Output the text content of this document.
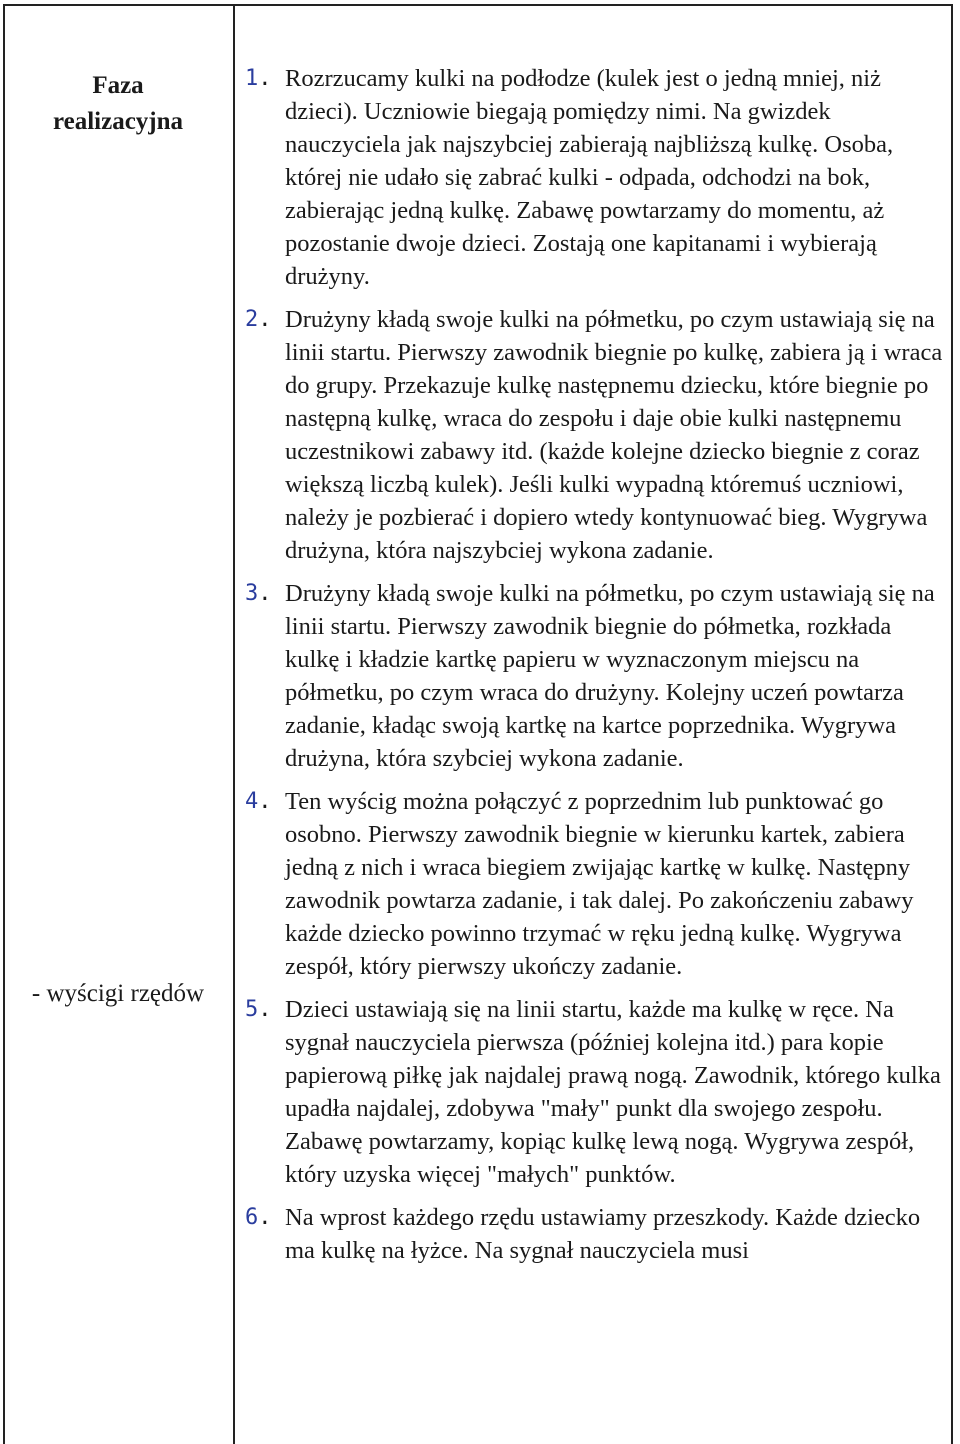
Faza
realizacyjna
- wyścigi rzędów
1. Rozrzucamy kulki na podłodze (kulek jest o jedną mniej, niż dzieci). Uczniowie biegają pomiędzy nimi. Na gwizdek nauczyciela jak najszybciej zabierają najbliższą kulkę. Osoba, której nie udało się zabrać kulki - odpada, odchodzi na bok, zabierając jedną kulkę. Zabawę powtarzamy do momentu, aż pozostanie dwoje dzieci. Zostają one kapitanami i wybierają drużyny.
2. Drużyny kładą swoje kulki na półmetku, po czym ustawiają się na linii startu. Pierwszy zawodnik biegnie po kulkę, zabiera ją i wraca do grupy. Przekazuje kulkę następnemu dziecku, które biegnie po następną kulkę, wraca do zespołu i daje obie kulki następnemu uczestnikowi zabawy itd. (każde kolejne dziecko biegnie z coraz większą liczbą kulek). Jeśli kulki wypadną któremuś uczniowi, należy je pozbierać i dopiero wtedy kontynuować bieg. Wygrywa drużyna, która najszybciej wykona zadanie.
3. Drużyny kładą swoje kulki na półmetku, po czym ustawiają się na linii startu. Pierwszy zawodnik biegnie do półmetka, rozkłada kulkę i kładzie kartkę papieru w wyznaczonym miejscu na półmetku, po czym wraca do drużyny. Kolejny uczeń powtarza zadanie, kładąc swoją kartkę na kartce poprzednika. Wygrywa drużyna, która szybciej wykona zadanie.
4. Ten wyścig można połączyć z poprzednim lub punktować go osobno. Pierwszy zawodnik biegnie w kierunku kartek, zabiera jedną z nich i wraca biegiem zwijając kartkę w kulkę. Następny zawodnik powtarza zadanie, i tak dalej. Po zakończeniu zabawy każde dziecko powinno trzymać w ręku jedną kulkę. Wygrywa zespół, który pierwszy ukończy zadanie.
5. Dzieci ustawiają się na linii startu, każde ma kulkę w ręce. Na sygnał nauczyciela pierwsza (później kolejna itd.) para kopie papierową piłkę jak najdalej prawą nogą. Zawodnik, którego kulka upadła najdalej, zdobywa "mały" punkt dla swojego zespołu. Zabawę powtarzamy, kopiąc kulkę lewą nogą. Wygrywa zespół, który uzyska więcej "małych" punktów.
6. Na wprost każdego rzędu ustawiamy przeszkody. Każde dziecko ma kulkę na łyżce. Na sygnał nauczyciela musi
